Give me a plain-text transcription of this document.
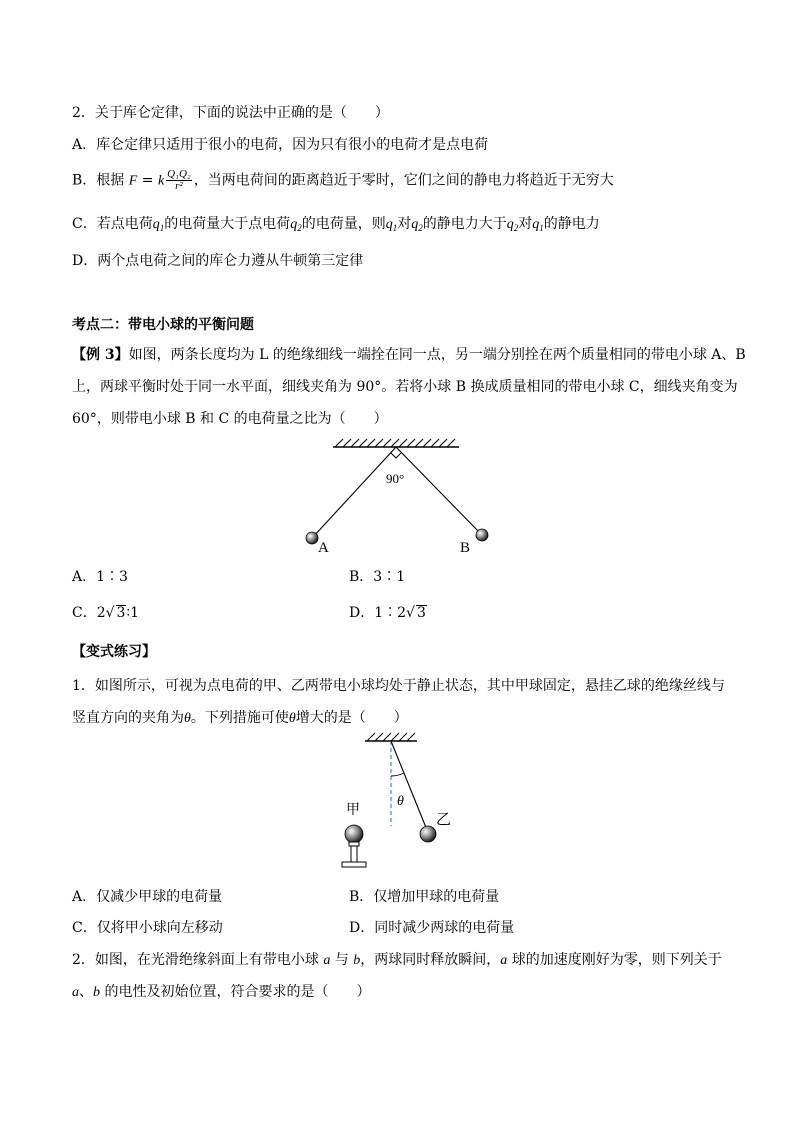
2．关于库仑定律，下面的说法中正确的是（　　）
A．库仑定律只适用于很小的电荷，因为只有很小的电荷才是点电荷
B．根据 F = k $\frac{\text{Q₁Q₂}}{\text{r²}}$ ，当两电荷间的距离趋近于零时，它们之间的静电力将趋近于无穷大
C．若点电荷$q_1$的电荷量大于点电荷$q_2$的电荷量，则$q_1$对$q_2$的静电力大于$q_2$对$q_1$的静电力
D．两个点电荷之间的库仑力遵从牛顿第三定律
考点二：带电小球的平衡问题
【例 3】如图，两条长度均为 L 的绝缘细线一端拴在同一点，另一端分别拴在两个质量相同的带电小球 A、B
上，两球平衡时处于同一水平面，细线夹角为 90°。若将小球 B 换成质量相同的带电小球 C，细线夹角变为
60°，则带电小球 B 和 C 的电荷量之比为（　　）
90°
A	B
A．1∶3	B．3∶1
C．2√ 3∶1	D．1∶2√ 3
【变式练习】
1．如图所示，可视为点电荷的甲、乙两带电小球均处于静止状态，其中甲球固定，悬挂乙球的绝缘丝线与
竖直方向的夹角为θ。下列措施可使θ增大的是（　　）
θ
乙
甲
A．仅减少甲球的电荷量	B．仅增加甲球的电荷量
C．仅将甲小球向左移动	D．同时减少两球的电荷量
2．如图，在光滑绝缘斜面上有带电小球 a 与 b，两球同时释放瞬间，a 球的加速度刚好为零，则下列关于
a、b 的电性及初始位置，符合要求的是（　　）
